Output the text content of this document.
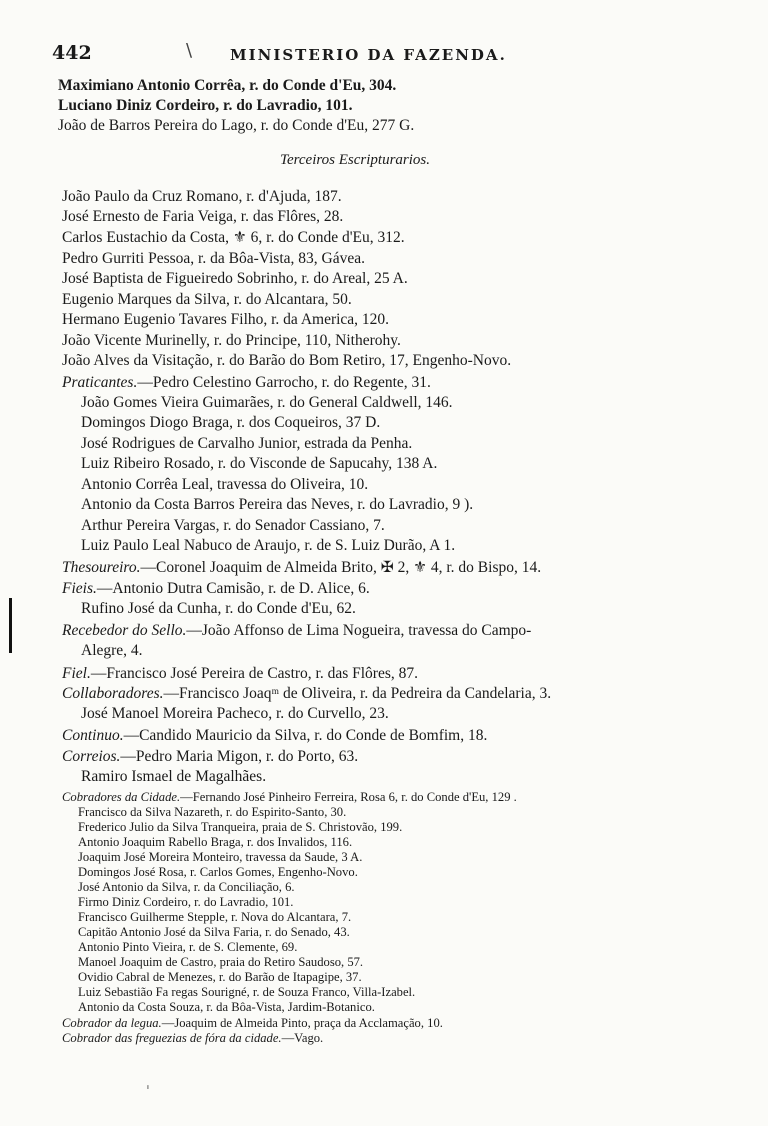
442	\	MINISTERIO DA FAZENDA.
Maximiano Antonio Corrêa, r. do Conde d'Eu, 304.
Luciano Diniz Cordeiro, r. do Lavradio, 101.
João de Barros Pereira do Lago, r. do Conde d'Eu, 277 G.
Terceiros Escripturarios.
João Paulo da Cruz Romano, r. d'Ajuda, 187.
José Ernesto de Faria Veiga, r. das Flôres, 28.
Carlos Eustachio da Costa, ⚜ 6, r. do Conde d'Eu, 312.
Pedro Gurriti Pessoa, r. da Bôa-Vista, 83, Gávea.
José Baptista de Figueiredo Sobrinho, r. do Areal, 25 A.
Eugenio Marques da Silva, r. do Alcantara, 50.
Hermano Eugenio Tavares Filho, r. da America, 120.
João Vicente Murinelly, r. do Principe, 110, Nitherohy.
João Alves da Visitação, r. do Barão do Bom Retiro, 17, Engenho-Novo.
Praticantes.—Pedro Celestino Garrocho, r. do Regente, 31.
João Gomes Vieira Guimarães, r. do General Caldwell, 146.
Domingos Diogo Braga, r. dos Coqueiros, 37 D.
José Rodrigues de Carvalho Junior, estrada da Penha.
Luiz Ribeiro Rosado, r. do Visconde de Sapucahy, 138 A.
Antonio Corrêa Leal, travessa do Oliveira, 10.
Antonio da Costa Barros Pereira das Neves, r. do Lavradio, 9 ).
Arthur Pereira Vargas, r. do Senador Cassiano, 7.
Luiz Paulo Leal Nabuco de Araujo, r. de S. Luiz Durão, A 1.
Thesoureiro.—Coronel Joaquim de Almeida Brito, ✠ 2, ⚜ 4, r. do Bispo, 14.
Fieis.—Antonio Dutra Camisão, r. de D. Alice, 6.
Rufino José da Cunha, r. do Conde d'Eu, 62.
Recebedor do Sello.—João Affonso de Lima Nogueira, travessa do Campo-
Alegre, 4.
Fiel.—Francisco José Pereira de Castro, r. das Flôres, 87.
Collaboradores.—Francisco Joaqᵐ de Oliveira, r. da Pedreira da Candelaria, 3.
José Manoel Moreira Pacheco, r. do Curvello, 23.
Continuo.—Candido Mauricio da Silva, r. do Conde de Bomfim, 18.
Correios.—Pedro Maria Migon, r. do Porto, 63.
Ramiro Ismael de Magalhães.
Cobradores da Cidade.—Fernando José Pinheiro Ferreira, Rosa 6, r. do Conde d'Eu, 129 .
Francisco da Silva Nazareth, r. do Espirito-Santo, 30.
Frederico Julio da Silva Tranqueira, praia de S. Christovão, 199.
Antonio Joaquim Rabello Braga, r. dos Invalidos, 116.
Joaquim José Moreira Monteiro, travessa da Saude, 3 A.
Domingos José Rosa, r. Carlos Gomes, Engenho-Novo.
José Antonio da Silva, r. da Conciliação, 6.
Firmo Diniz Cordeiro, r. do Lavradio, 101.
Francisco Guilherme Stepple, r. Nova do Alcantara, 7.
Capitão Antonio José da Silva Faria, r. do Senado, 43.
Antonio Pinto Vieira, r. de S. Clemente, 69.
Manoel Joaquim de Castro, praia do Retiro Saudoso, 57.
Ovidio Cabral de Menezes, r. do Barão de Itapagipe, 37.
Luiz Sebastião Fa regas Sourigné, r. de Souza Franco, Villa-Izabel.
Antonio da Costa Souza, r. da Bôa-Vista, Jardim-Botanico.
Cobrador da legua.—Joaquim de Almeida Pinto, praça da Acclamação, 10.
Cobrador das freguezias de fóra da cidade.—Vago.
ˌ
